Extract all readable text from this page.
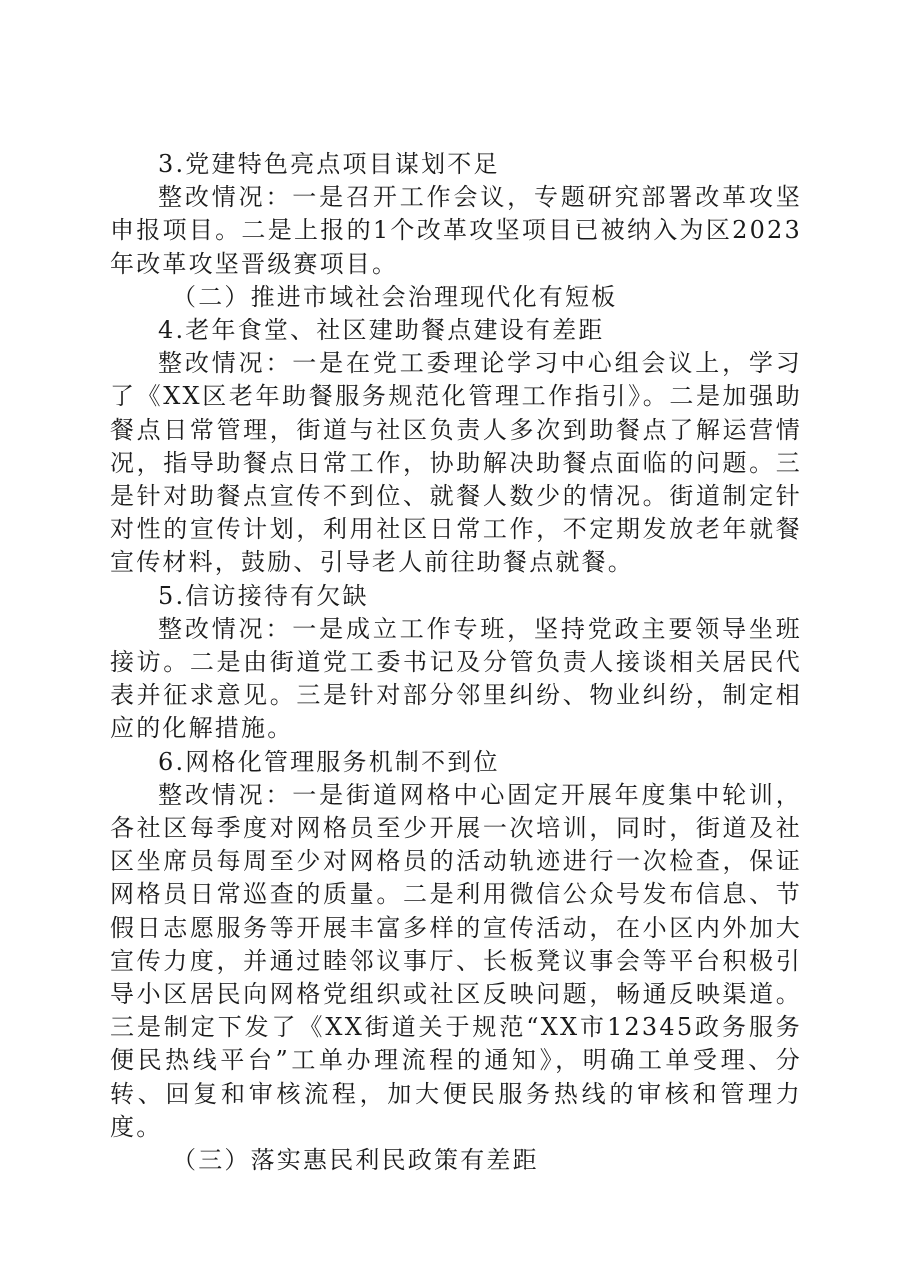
3.党建特色亮点项目谋划不足

整改情况：一是召开工作会议，专题研究部署改革攻坚申报项目。二是上报的1个改革攻坚项目已被纳入为区2023年改革攻坚晋级赛项目。

（二）推进市域社会治理现代化有短板

4.老年食堂、社区建助餐点建设有差距

整改情况：一是在党工委理论学习中心组会议上，学习了《XX区老年助餐服务规范化管理工作指引》。二是加强助餐点日常管理，街道与社区负责人多次到助餐点了解运营情况，指导助餐点日常工作，协助解决助餐点面临的问题。三是针对助餐点宣传不到位、就餐人数少的情况。街道制定针对性的宣传计划，利用社区日常工作，不定期发放老年就餐宣传材料，鼓励、引导老人前往助餐点就餐。

5.信访接待有欠缺

整改情况：一是成立工作专班，坚持党政主要领导坐班接访。二是由街道党工委书记及分管负责人接谈相关居民代表并征求意见。三是针对部分邻里纠纷、物业纠纷，制定相应的化解措施。

6.网格化管理服务机制不到位

整改情况：一是街道网格中心固定开展年度集中轮训，各社区每季度对网格员至少开展一次培训，同时，街道及社区坐席员每周至少对网格员的活动轨迹进行一次检查，保证网格员日常巡查的质量。二是利用微信公众号发布信息、节假日志愿服务等开展丰富多样的宣传活动，在小区内外加大宣传力度，并通过睦邻议事厅、长板凳议事会等平台积极引导小区居民向网格党组织或社区反映问题，畅通反映渠道。三是制定下发了《XX街道关于规范“XX市12345政务服务便民热线平台”工单办理流程的通知》，明确工单受理、分转、回复和审核流程，加大便民服务热线的审核和管理力度。

（三）落实惠民利民政策有差距
